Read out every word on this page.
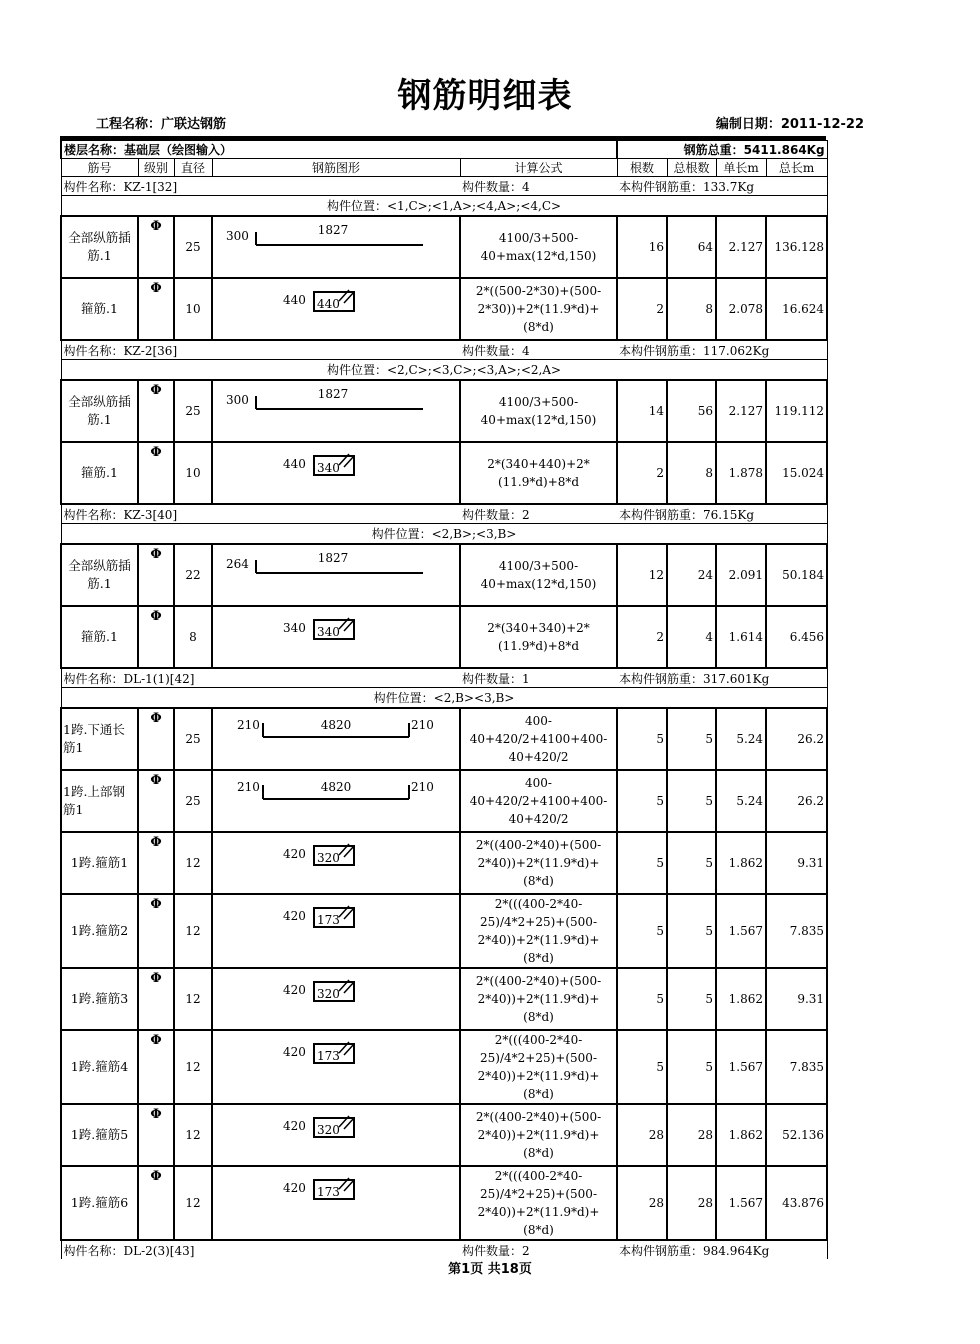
钢筋明细表
工程名称：广联达钢筋	编制日期：2011-12-22
楼层名称：基础层（绘图输入）					钢筋总重：5411.864Kg			
筋号	级别	直径	钢筋图形	计算公式	根数	总根数	单长m	总长m
构件名称：KZ-1[32]				构件数量：4	本构件钢筋重：133.7Kg			
构件位置：<1,C>;<1,A>;<4,A>;<4,C>								
全部纵筋插筋.1	Φ	25	300 1827	4100/3+500-40+max(12*d,150)	16	64	2.127	136.128
箍筋.1	Φ	10	440 440	2*((500-2*30)+(500-2*30))+2*(11.9*d)+(8*d)	2	8	2.078	16.624
构件名称：KZ-2[36]				构件数量：4	本构件钢筋重：117.062Kg			
构件位置：<2,C>;<3,C>;<3,A>;<2,A>								
全部纵筋插筋.1	Φ	25	300 1827	4100/3+500-40+max(12*d,150)	14	56	2.127	119.112
箍筋.1	Φ	10	440 340	2*(340+440)+2*(11.9*d)+8*d	2	8	1.878	15.024
构件名称：KZ-3[40]				构件数量：2	本构件钢筋重：76.15Kg			
构件位置：<2,B>;<3,B>								
全部纵筋插筋.1	Φ	22	264 1827	4100/3+500-40+max(12*d,150)	12	24	2.091	50.184
箍筋.1	Φ	8	340 340	2*(340+340)+2*(11.9*d)+8*d	2	4	1.614	6.456
构件名称：DL-1(1)[42]				构件数量：1	本构件钢筋重：317.601Kg			
构件位置：<2,B><3,B>								
1跨.下通长筋1	Φ	25	210 4820 210	400-40+420/2+4100+400-40+420/2	5	5	5.24	26.2
1跨.上部钢筋1	Φ	25	210 4820 210	400-40+420/2+4100+400-40+420/2	5	5	5.24	26.2
1跨.箍筋1	Φ	12	420 320	2*((400-2*40)+(500-2*40))+2*(11.9*d)+(8*d)	5	5	1.862	9.31
1跨.箍筋2	Φ	12	420 173	2*(((400-2*40-25)/4*2+25)+(500-2*40))+2*(11.9*d)+(8*d)	5	5	1.567	7.835
1跨.箍筋3	Φ	12	420 320	2*((400-2*40)+(500-2*40))+2*(11.9*d)+(8*d)	5	5	1.862	9.31
1跨.箍筋4	Φ	12	420 173	2*(((400-2*40-25)/4*2+25)+(500-2*40))+2*(11.9*d)+(8*d)	5	5	1.567	7.835
1跨.箍筋5	Φ	12	420 320	2*((400-2*40)+(500-2*40))+2*(11.9*d)+(8*d)	28	28	1.862	52.136
1跨.箍筋6	Φ	12	420 173	2*(((400-2*40-25)/4*2+25)+(500-2*40))+2*(11.9*d)+(8*d)	28	28	1.567	43.876
构件名称：DL-2(3)[43]				构件数量：2	本构件钢筋重：984.964Kg			
第1页 共18页
